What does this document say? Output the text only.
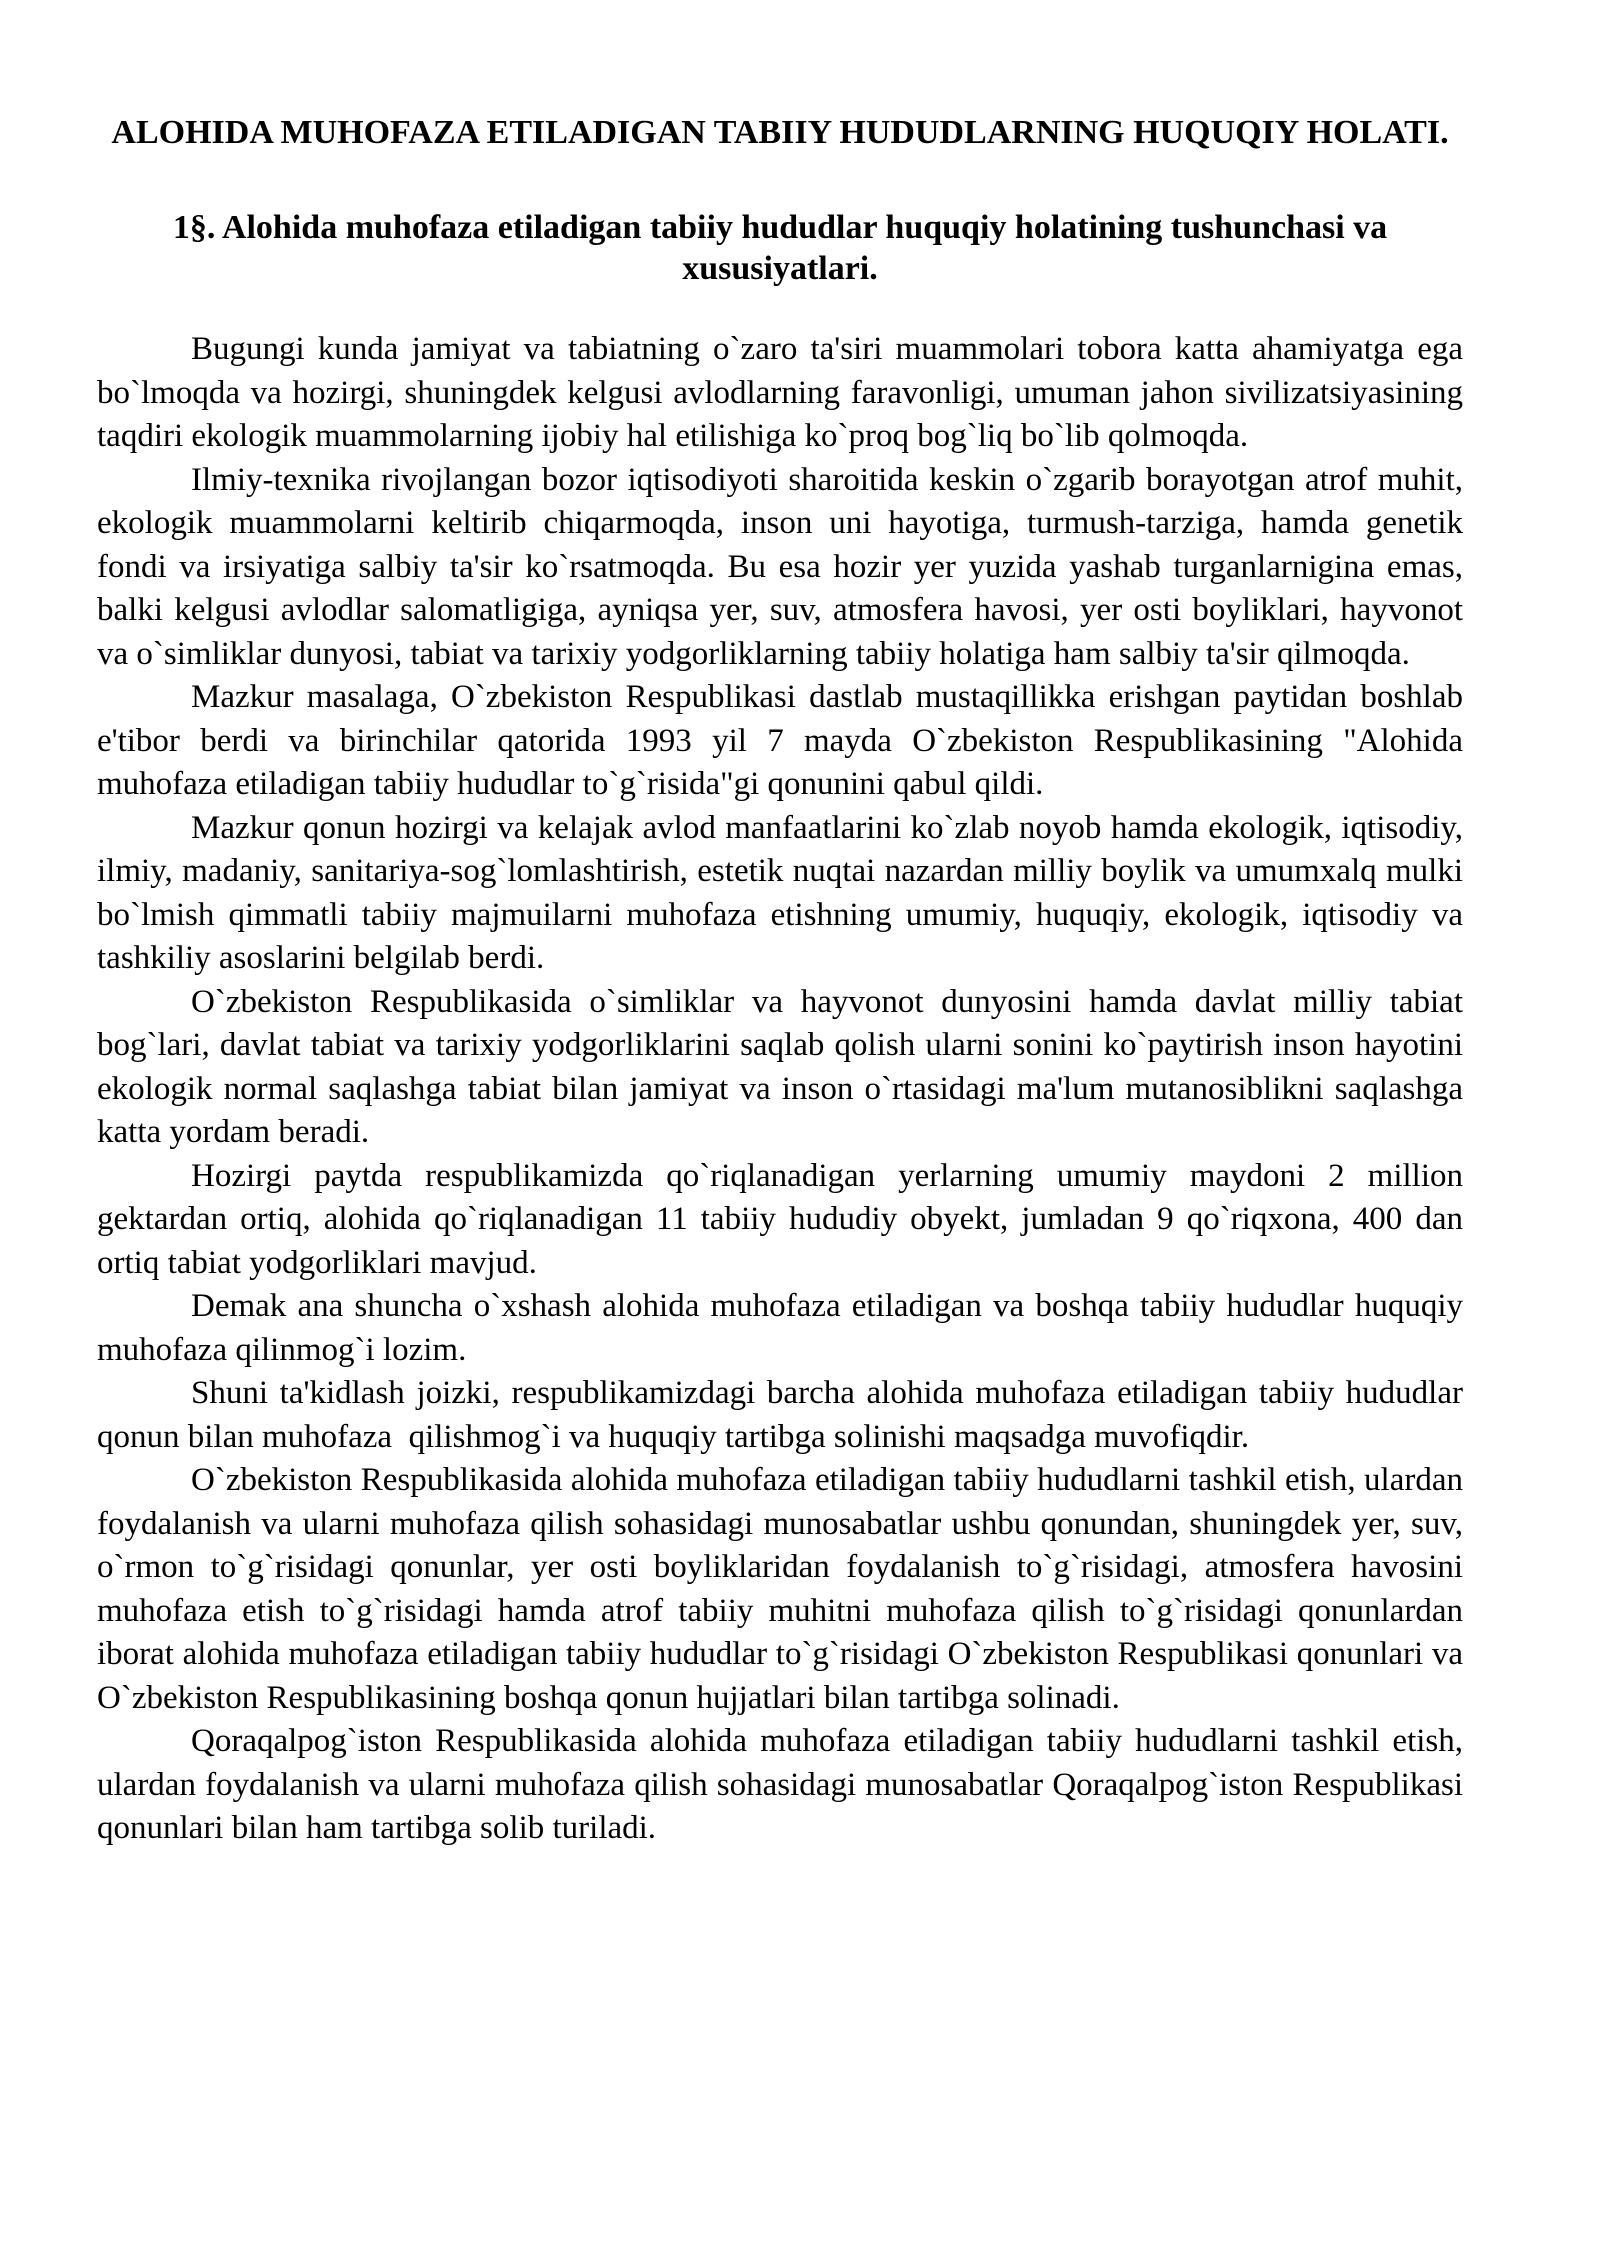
ALOHIDA MUHOFAZA ETILADIGAN TABIIY HUDUDLARNING HUQUQIY HOLATI.
1§. Alohida muhofaza etiladigan tabiiy hududlar huquqiy holatining tushunchasi va xususiyatlari.

Bugungi kunda jamiyat va tabiatning o`zaro ta'siri muammolari tobora katta ahamiyatga ega bo`lmoqda va hozirgi, shuningdek kelgusi avlodlarning faravonligi, umuman jahon sivilizatsiyasining taqdiri ekologik muammolarning ijobiy hal etilishiga ko`proq bog`liq bo`lib qolmoqda.

Ilmiy-texnika rivojlangan bozor iqtisodiyoti sharoitida keskin o`zgarib borayotgan atrof muhit, ekologik muammolarni keltirib chiqarmoqda, inson uni hayotiga, turmush-tarziga, hamda genetik fondi va irsiyatiga salbiy ta'sir ko`rsatmoqda. Bu esa hozir yer yuzida yashab turganlarnigina emas, balki kelgusi avlodlar salomatligiga, ayniqsa yer, suv, atmosfera havosi, yer osti boyliklari, hayvonot va o`simliklar dunyosi, tabiat va tarixiy yodgorliklarning tabiiy holatiga ham salbiy ta'sir qilmoqda.

Mazkur masalaga, O`zbekiston Respublikasi dastlab mustaqillikka erishgan paytidan boshlab e'tibor berdi va birinchilar qatorida 1993 yil 7 mayda O`zbekiston Respublikasining "Alohida muhofaza etiladigan tabiiy hududlar to`g`risida"gi qonunini qabul qildi.

Mazkur qonun hozirgi va kelajak avlod manfaatlarini ko`zlab noyob hamda ekologik, iqtisodiy, ilmiy, madaniy, sanitariya-sog`lomlashtirish, estetik nuqtai nazardan milliy boylik va umumxalq mulki bo`lmish qimmatli tabiiy majmuilarni muhofaza etishning umumiy, huquqiy, ekologik, iqtisodiy va tashkiliy asoslarini belgilab berdi.

O`zbekiston Respublikasida o`simliklar va hayvonot dunyosini hamda davlat milliy tabiat bog`lari, davlat tabiat va tarixiy yodgorliklarini saqlab qolish ularni sonini ko`paytirish inson hayotini ekologik normal saqlashga tabiat bilan jamiyat va inson o`rtasidagi ma'lum mutanosiblikni saqlashga katta yordam beradi.

Hozirgi paytda respublikamizda qo`riqlanadigan yerlarning umumiy maydoni 2 million gektardan ortiq, alohida qo`riqlanadigan 11 tabiiy hududiy obyekt, jumladan 9 qo`riqxona, 400 dan ortiq tabiat yodgorliklari mavjud.

Demak ana shuncha o`xshash alohida muhofaza etiladigan va boshqa tabiiy hududlar huquqiy muhofaza qilinmog`i lozim.

Shuni ta'kidlash joizki, respublikamizdagi barcha alohida muhofaza etiladigan tabiiy hududlar qonun bilan muhofaza  qilishmog`i va huquqiy tartibga solinishi maqsadga muvofiqdir.

O`zbekiston Respublikasida alohida muhofaza etiladigan tabiiy hududlarni tashkil etish, ulardan foydalanish va ularni muhofaza qilish sohasidagi munosabatlar ushbu qonundan, shuningdek yer, suv, o`rmon to`g`risidagi qonunlar, yer osti boyliklaridan foydalanish to`g`risidagi, atmosfera havosini muhofaza etish to`g`risidagi hamda atrof tabiiy muhitni muhofaza qilish to`g`risidagi qonunlardan iborat alohida muhofaza etiladigan tabiiy hududlar to`g`risidagi O`zbekiston Respublikasi qonunlari va O`zbekiston Respublikasining boshqa qonun hujjatlari bilan tartibga solinadi.

Qoraqalpog`iston Respublikasida alohida muhofaza etiladigan tabiiy hududlarni tashkil etish, ulardan foydalanish va ularni muhofaza qilish sohasidagi munosabatlar Qoraqalpog`iston Respublikasi qonunlari bilan ham tartibga solib turiladi.
